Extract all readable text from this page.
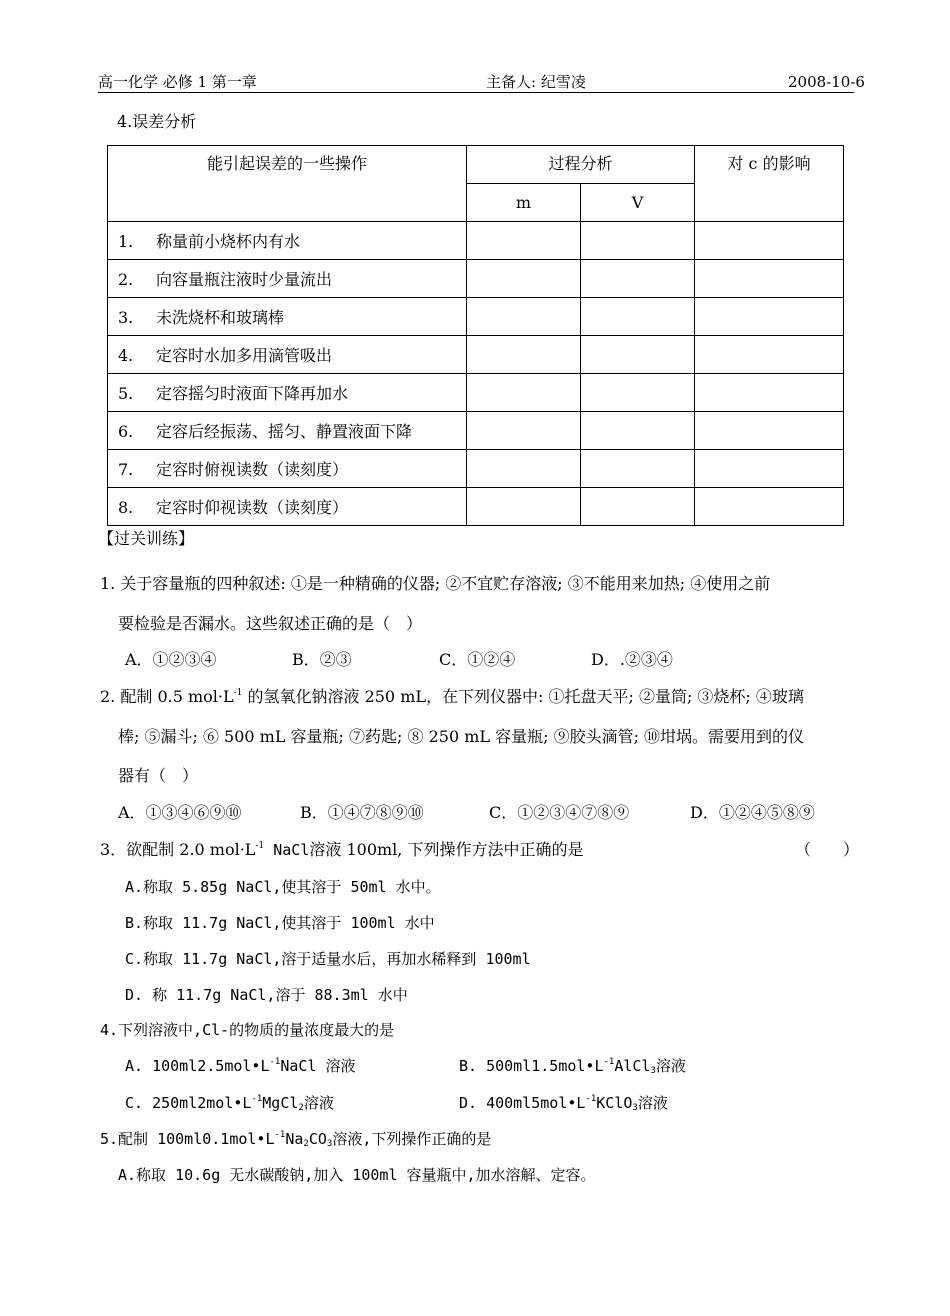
高一化学 必修 1 第一章	主备人: 纪雪凌	2008-10-6
4.误差分析
能引起误差的一些操作	过程分析		对 c 的影响
	m	V	
1. 称量前小烧杯内有水			
2. 向容量瓶注液时少量流出			
3. 未洗烧杯和玻璃棒			
4. 定容时水加多用滴管吸出			
5. 定容摇匀时液面下降再加水			
6. 定容后经振荡、摇匀、静置液面下降			
7. 定容时俯视读数（读刻度）			
8. 定容时仰视读数（读刻度）			
【过关训练】
1. 关于容量瓶的四种叙述: ①是一种精确的仪器; ②不宜贮存溶液; ③不能用来加热; ④使用之前
要检验是否漏水。这些叙述正确的是（　）
A．①②③④	B．②③	C．①②④	D．.②③④
2. 配制 0.5 $mol\cdot L^{-1}$ 的氢氧化钠溶液 250 mL，在下列仪器中: ①托盘天平; ②量筒; ③烧杯; ④玻璃
棒; ⑤漏斗; ⑥ 500 mL 容量瓶; ⑦药匙; ⑧ 250 mL 容量瓶; ⑨胶头滴管; ⑩坩埚。需要用到的仪
器有（　）
A．①③④⑥⑨⑩	B．①④⑦⑧⑨⑩	C．①②③④⑦⑧⑨	D．①②④⑤⑧⑨
3．欲配制 2.0 $mol\cdot L^{-1}$ NaCl溶液 100ml, 下列操作方法中正确的是	（　　）
A.称取 5.85g NaCl,使其溶于 50ml 水中。
B.称取 11.7g NaCl,使其溶于 100ml 水中
C.称取 11.7g NaCl,溶于适量水后，再加水稀释到 100ml
D. 称 11.7g NaCl,溶于 88.3ml 水中
4.下列溶液中,Cl-的物质的量浓度最大的是
A. $100ml2.5mol•L^{-1}NaCl$ 溶液	B. $500ml1.5mol•L^{-1}AlCl_3$溶液
C. $250ml2mol•L^{-1}MgCl_2$溶液	D. $400ml5mol•L^{-1}KClO_3$溶液
5.配制 $100ml0.1mol•L^{-1}Na_2CO_3$溶液,下列操作正确的是
A.称取 10.6g 无水碳酸钠,加入 100ml 容量瓶中,加水溶解、定容。
